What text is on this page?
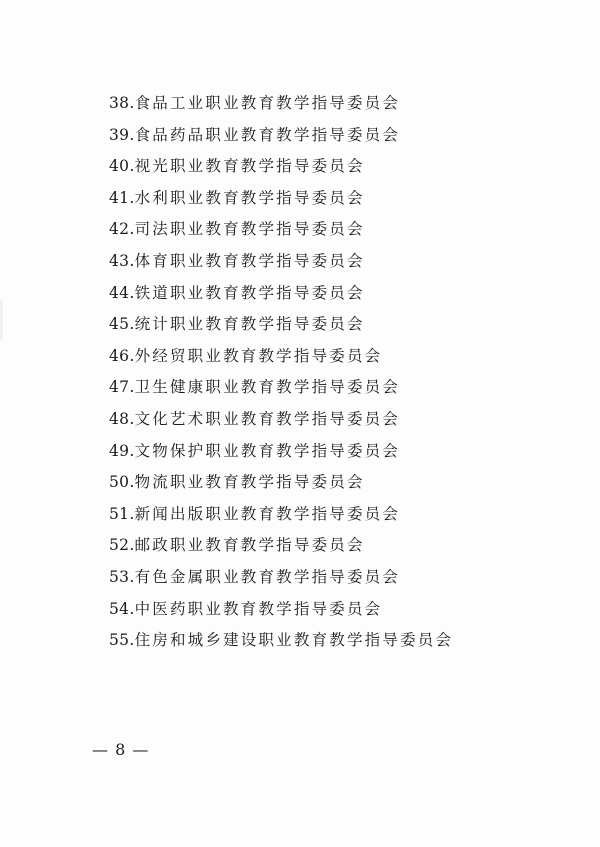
38.食品工业职业教育教学指导委员会
39.食品药品职业教育教学指导委员会
40.视光职业教育教学指导委员会
41.水利职业教育教学指导委员会
42.司法职业教育教学指导委员会
43.体育职业教育教学指导委员会
44.铁道职业教育教学指导委员会
45.统计职业教育教学指导委员会
46.外经贸职业教育教学指导委员会
47.卫生健康职业教育教学指导委员会
48.文化艺术职业教育教学指导委员会
49.文物保护职业教育教学指导委员会
50.物流职业教育教学指导委员会
51.新闻出版职业教育教学指导委员会
52.邮政职业教育教学指导委员会
53.有色金属职业教育教学指导委员会
54.中医药职业教育教学指导委员会
55.住房和城乡建设职业教育教学指导委员会
— 8 —
